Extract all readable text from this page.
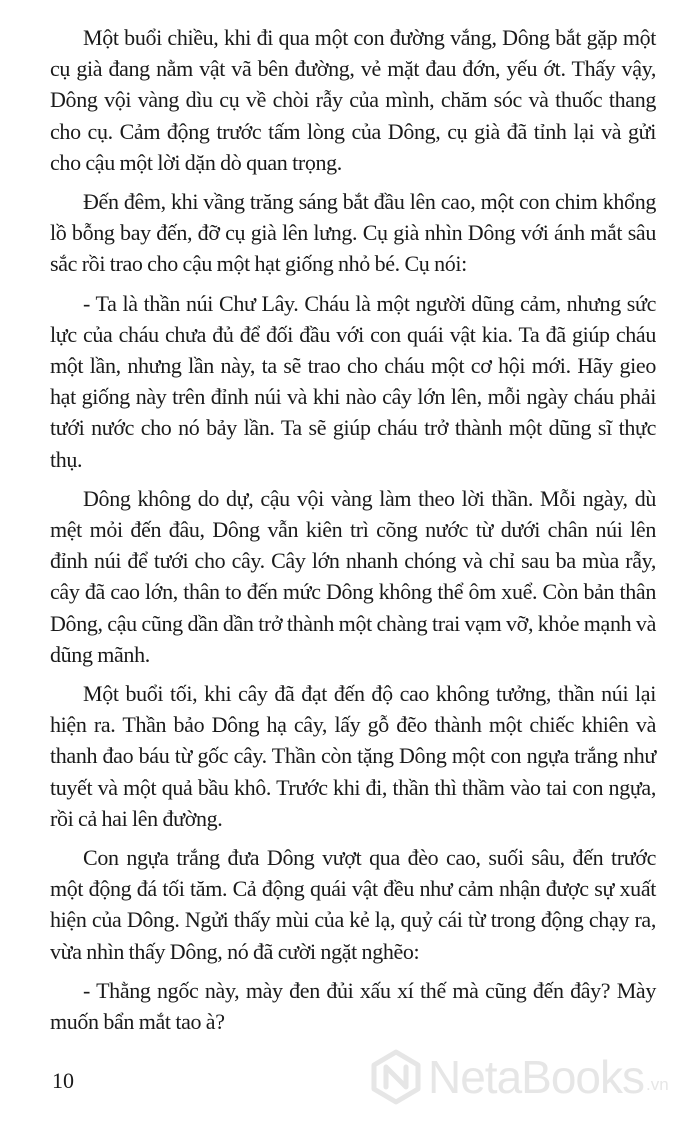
Một buổi chiều, khi đi qua một con đường vắng, Dông bắt gặp một cụ già đang nằm vật vã bên đường, vẻ mặt đau đớn, yếu ớt. Thấy vậy, Dông vội vàng dìu cụ về chòi rẫy của mình, chăm sóc và thuốc thang cho cụ. Cảm động trước tấm lòng của Dông, cụ già đã tỉnh lại và gửi cho cậu một lời dặn dò quan trọng.

Đến đêm, khi vầng trăng sáng bắt đầu lên cao, một con chim khổng lồ bỗng bay đến, đỡ cụ già lên lưng. Cụ già nhìn Dông với ánh mắt sâu sắc rồi trao cho cậu một hạt giống nhỏ bé. Cụ nói:

- Ta là thần núi Chư Lây. Cháu là một người dũng cảm, nhưng sức lực của cháu chưa đủ để đối đầu với con quái vật kia. Ta đã giúp cháu một lần, nhưng lần này, ta sẽ trao cho cháu một cơ hội mới. Hãy gieo hạt giống này trên đỉnh núi và khi nào cây lớn lên, mỗi ngày cháu phải tưới nước cho nó bảy lần. Ta sẽ giúp cháu trở thành một dũng sĩ thực thụ.

Dông không do dự, cậu vội vàng làm theo lời thần. Mỗi ngày, dù mệt mỏi đến đâu, Dông vẫn kiên trì cõng nước từ dưới chân núi lên đỉnh núi để tưới cho cây. Cây lớn nhanh chóng và chỉ sau ba mùa rẫy, cây đã cao lớn, thân to đến mức Dông không thể ôm xuể. Còn bản thân Dông, cậu cũng dần dần trở thành một chàng trai vạm vỡ, khỏe mạnh và dũng mãnh.

Một buổi tối, khi cây đã đạt đến độ cao không tưởng, thần núi lại hiện ra. Thần bảo Dông hạ cây, lấy gỗ đẽo thành một chiếc khiên và thanh đao báu từ gốc cây. Thần còn tặng Dông một con ngựa trắng như tuyết và một quả bầu khô. Trước khi đi, thần thì thầm vào tai con ngựa, rồi cả hai lên đường.

Con ngựa trắng đưa Dông vượt qua đèo cao, suối sâu, đến trước một động đá tối tăm. Cả động quái vật đều như cảm nhận được sự xuất hiện của Dông. Ngửi thấy mùi của kẻ lạ, quỷ cái từ trong động chạy ra, vừa nhìn thấy Dông, nó đã cười ngặt nghẽo:

- Thằng ngốc này, mày đen đủi xấu xí thế mà cũng đến đây? Mày muốn bẩn mắt tao à?

10	NetaBooks .vn
